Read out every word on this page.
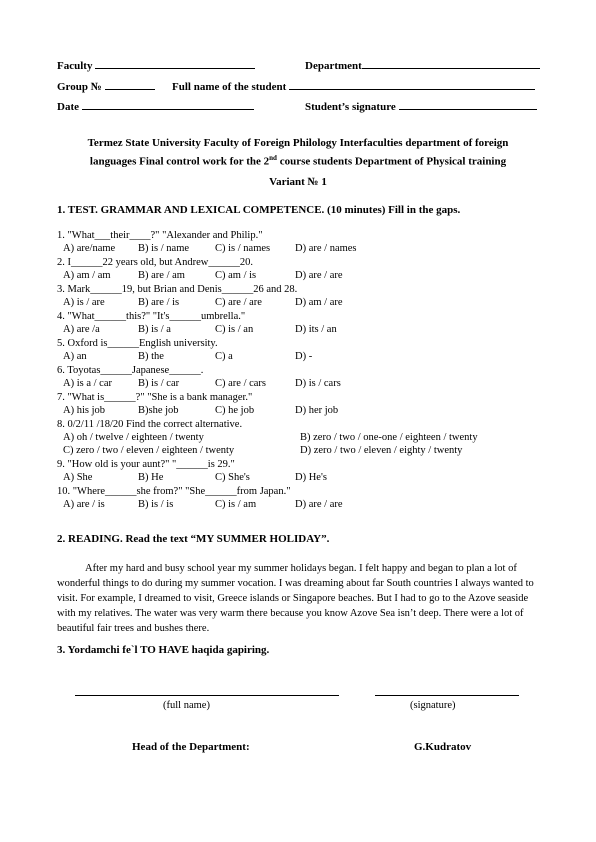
Faculty	Department
Group №	Full name of the student
Date	Student’s signature
Termez State University Faculty of Foreign Philology Interfaculties department of foreign
languages Final control work for the 2nd course students Department of Physical training
Variant № 1
1. TEST. GRAMMAR AND LEXICAL COMPETENCE. (10 minutes) Fill in the gaps.
1. "What___their____?" "Alexander and Philip."
A) are/name B) is / name C) is / names D) are / names
2. I______22 years old, but Andrew______20.
A) am / am	B) are / am	C) am / is	D) are / are
3. Mark______19, but Brian and Denis______26 and 28.
A) is / are	B) are / is	C) are / are	D) am / are
4. "What______this?" "It's______umbrella."
A) are /a	B) is / a	C) is / an	D) its / an
5. Oxford is______English university.
A) an	B) the	C) a	D) -
6. Toyotas______Japanese______.
A) is a / car B) is / car	C) are / cars	D) is / cars
7. "What is______?" "She is a bank manager."
A) his job	B)she job	C) he job	D) her job
8. 0/2/11 /18/20 Find the correct alternative.
A) oh / twelve / eighteen / twenty	B) zero / two / one-one / eighteen / twenty
C) zero / two / eleven / eighteen / twenty	D) zero / two / eleven / eighty / twenty
9. "How old is your aunt?" "______is 29."
A) She	B) He	C) She's	D) He's
10. "Where______she from?" "She______from Japan."
A) are / is	B) is / is	C) is / am	D) are / are
2. READING. Read the text “MY SUMMER HOLIDAY”.
After my hard and busy school year my summer holidays began. I felt happy and began to plan a lot of wonderful things to do during my summer vocation. I was dreaming about far South countries I always wanted to visit. For example, I dreamed to visit, Greece islands or Singapore beaches. But I had to go to the Azove seaside with my relatives. The water was very warm there because you know Azove Sea isn’t deep. There were a lot of beautiful fair trees and bushes there.
3. Yordamchi fe`l TO HAVE haqida gapiring.
(full name)	(signature)
Head of the Department:	G.Kudratov
